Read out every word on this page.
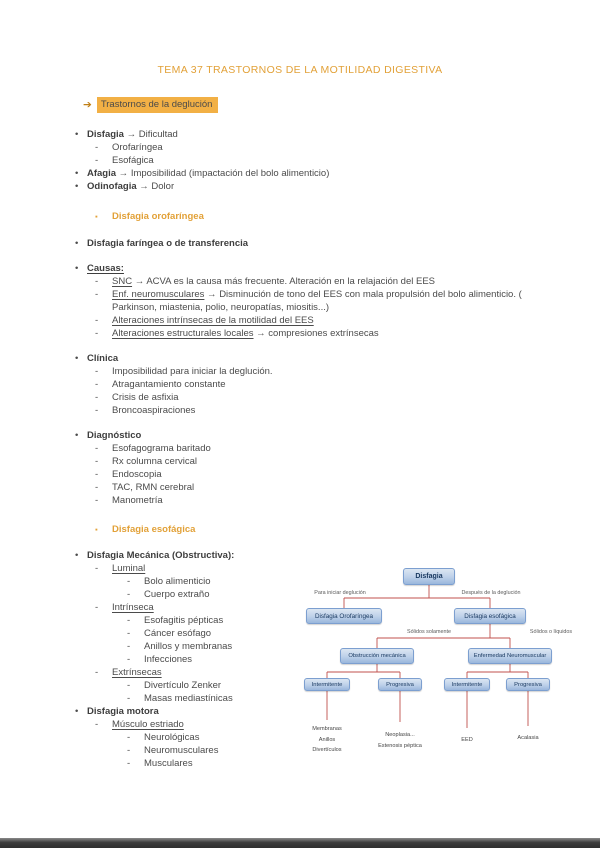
TEMA 37 TRASTORNOS DE LA MOTILIDAD DIGESTIVA
➔ Trastornos de la deglución
• Disfagia → Dificultad
-	Orofaríngea
-	Esofágica
• Afagia → Imposibilidad (impactación del bolo alimenticio)
• Odinofagia → Dolor
▪	Disfagia orofaríngea
• Disfagia faríngea o de transferencia
• Causas:
-	SNC → ACVA es la causa más frecuente. Alteración en la relajación del EES
-	Enf. neuromusculares → Disminución de tono del EES con mala propulsión del bolo alimenticio. ( Parkinson, miastenia, polio, neuropatías, miositis...)
-	Alteraciones intrínsecas de la motilidad del EES
-	Alteraciones estructurales locales → compresiones extrínsecas
• Clínica
-	Imposibilidad para iniciar la deglución.
-	Atragantamiento constante
-	Crisis de asfixia
-	Broncoaspiraciones
• Diagnóstico
-	Esofagograma baritado
-	Rx columna cervical
-	Endoscopia
-	TAC, RMN cerebral
-	Manometría
▪	Disfagia esofágica
• Disfagia Mecánica (Obstructiva):
-	Luminal
-	Bolo alimenticio
-	Cuerpo extraño
-	Intrínseca
-	Esofagitis pépticas
-	Cáncer esófago
-	Anillos y membranas
-	Infecciones
-	Extrínsecas
-	Divertículo Zenker
-	Masas mediastínicas
• Disfagia motora
-	Músculo estriado
-	Neurológicas
-	Neuromusculares
-	Musculares
Disfagia
Para iniciar deglución	Después de la deglución
Disfagia Orofaríngea	Disfagia esofágica
Sólidos solamente	Sólidos o líquidos
Obstrucción mecánica	Enfermedad Neuromuscular
Intermitente	Progresiva	Intermitente	Progresiva
Membranas
Anillos
Divertículos
Neoplasia...
Estenosis péptica
EED	Acalasia
